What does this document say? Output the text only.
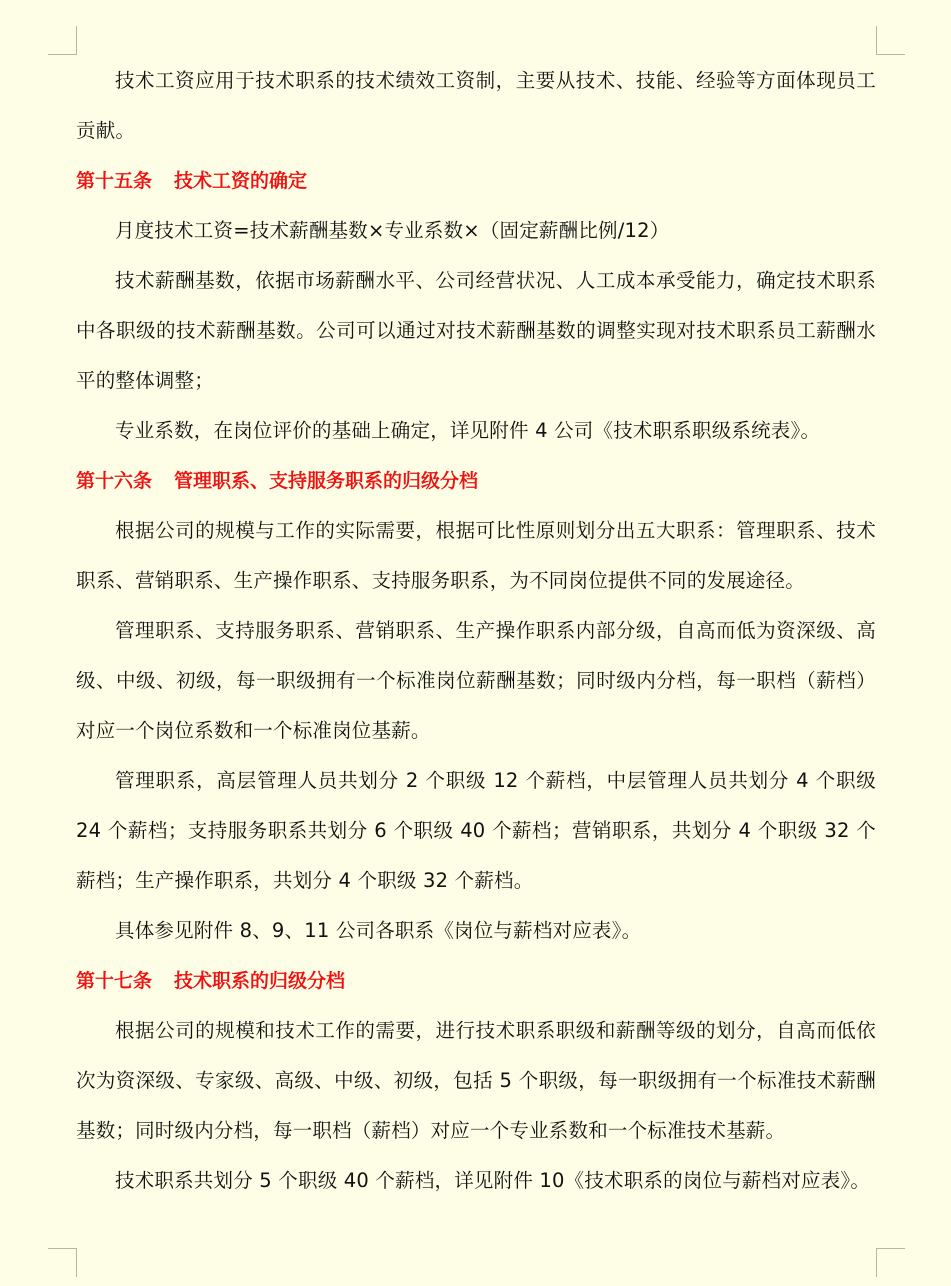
技术工资应用于技术职系的技术绩效工资制，主要从技术、技能、经验等方面体现员工贡献。

第十五条 技术工资的确定

月度技术工资=技术薪酬基数×专业系数×（固定薪酬比例/12）

技术薪酬基数，依据市场薪酬水平、公司经营状况、人工成本承受能力，确定技术职系中各职级的技术薪酬基数。公司可以通过对技术薪酬基数的调整实现对技术职系员工薪酬水平的整体调整；

专业系数，在岗位评价的基础上确定，详见附件 4 公司《技术职系职级系统表》。

第十六条 管理职系、支持服务职系的归级分档

根据公司的规模与工作的实际需要，根据可比性原则划分出五大职系：管理职系、技术职系、营销职系、生产操作职系、支持服务职系，为不同岗位提供不同的发展途径。

管理职系、支持服务职系、营销职系、生产操作职系内部分级，自高而低为资深级、高级、中级、初级，每一职级拥有一个标准岗位薪酬基数；同时级内分档，每一职档（薪档）对应一个岗位系数和一个标准岗位基薪。

管理职系，高层管理人员共划分 2 个职级 12 个薪档，中层管理人员共划分 4 个职级 24 个薪档；支持服务职系共划分 6 个职级 40 个薪档；营销职系，共划分 4 个职级 32 个薪档；生产操作职系，共划分 4 个职级 32 个薪档。

具体参见附件 8、9、11 公司各职系《岗位与薪档对应表》。

第十七条 技术职系的归级分档

根据公司的规模和技术工作的需要，进行技术职系职级和薪酬等级的划分，自高而低依次为资深级、专家级、高级、中级、初级，包括 5 个职级，每一职级拥有一个标准技术薪酬基数；同时级内分档，每一职档（薪档）对应一个专业系数和一个标准技术基薪。

技术职系共划分 5 个职级 40 个薪档，详见附件 10《技术职系的岗位与薪档对应表》。
